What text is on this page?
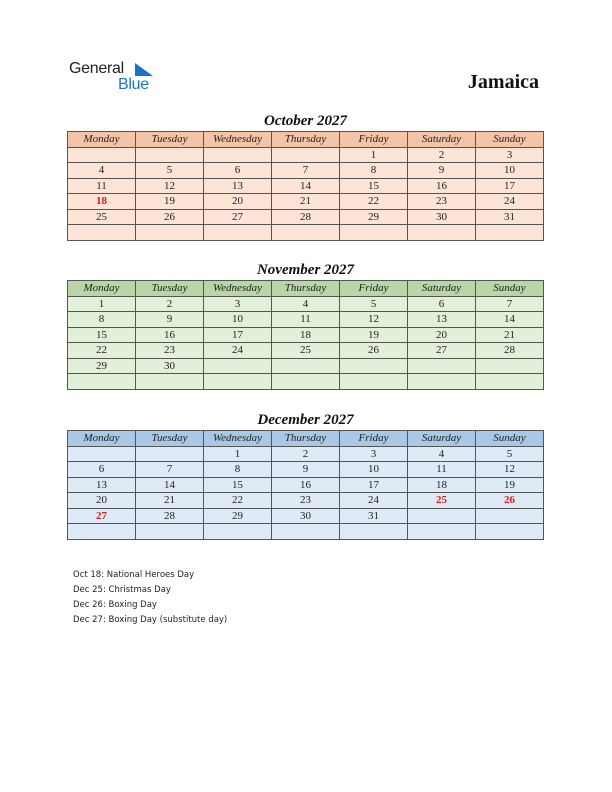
General
Blue	Jamaica
October 2027
Monday	Tuesday	Wednesday	Thursday	Friday	Saturday	Sunday
				1	2	3
4	5	6	7	8	9	10
11	12	13	14	15	16	17
18	19	20	21	22	23	24
25	26	27	28	29	30	31

November 2027
Monday	Tuesday	Wednesday	Thursday	Friday	Saturday	Sunday
1	2	3	4	5	6	7
8	9	10	11	12	13	14
15	16	17	18	19	20	21
22	23	24	25	26	27	28
29	30					

December 2027
Monday	Tuesday	Wednesday	Thursday	Friday	Saturday	Sunday
		1	2	3	4	5
6	7	8	9	10	11	12
13	14	15	16	17	18	19
20	21	22	23	24	25	26
27	28	29	30	31		

Oct 18: National Heroes Day
Dec 25: Christmas Day
Dec 26: Boxing Day
Dec 27: Boxing Day (substitute day)
